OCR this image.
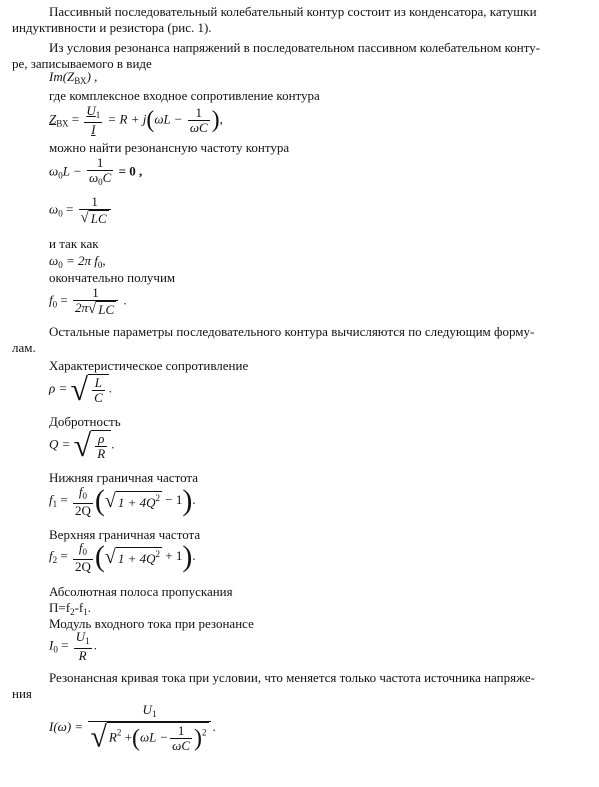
Пассивный последовательный колебательный контур состоит из конденсатора, катушки
индуктивности и резистора (рис. 1).
Из условия резонанса напряжений в последовательном пассивном колебательном конту-
ре, записываемого в виде
$Im(Z_{ВХ})$ ,
где комплексное входное сопротивление контура
$Z_{ВХ} = \frac{U_1}{I} = R + j(\omega L - \frac{1}{\omega C}$ ),
можно найти резонансную частоту контура
$\omega_0L - \frac{1}{\omega_0C} = 0$ ,
$\omega_0 = \frac{1}{√ LC}$
и так как
$\omega_0 = 2\pi$ $f_0$,
окончательно получим
$f_0 = \frac{1}{2\pi√ LC}$ .
Остальные параметры последовательного контура вычисляются по следующим форму-
лам.
Характеристическое сопротивление
ρ = √ $\frac{L}{C}$ .
Добротность
Q = √ $\frac{\rho}{R}$ .
Нижняя граничная частота
$f_1 = \frac{f_0}{2Q}$ (√ $1 + 4Q^2 - 1$).
Верхняя граничная частота
$f_2 = \frac{f_0}{2Q}$ (√ $1 + 4Q^2 + 1$).
Абсолютная полоса пропускания
$П=f_2-f_1$.
Модуль входного тока при резонансе
$I_0 = \frac{U_1}{R}$ .
Резонансная кривая тока при условии, что меняется только частота источника напряже-
ния
$I(\omega) = \frac{U_1}{√ R^2 +(\omega L - \frac{1}{\omega C} )^2}$ .
